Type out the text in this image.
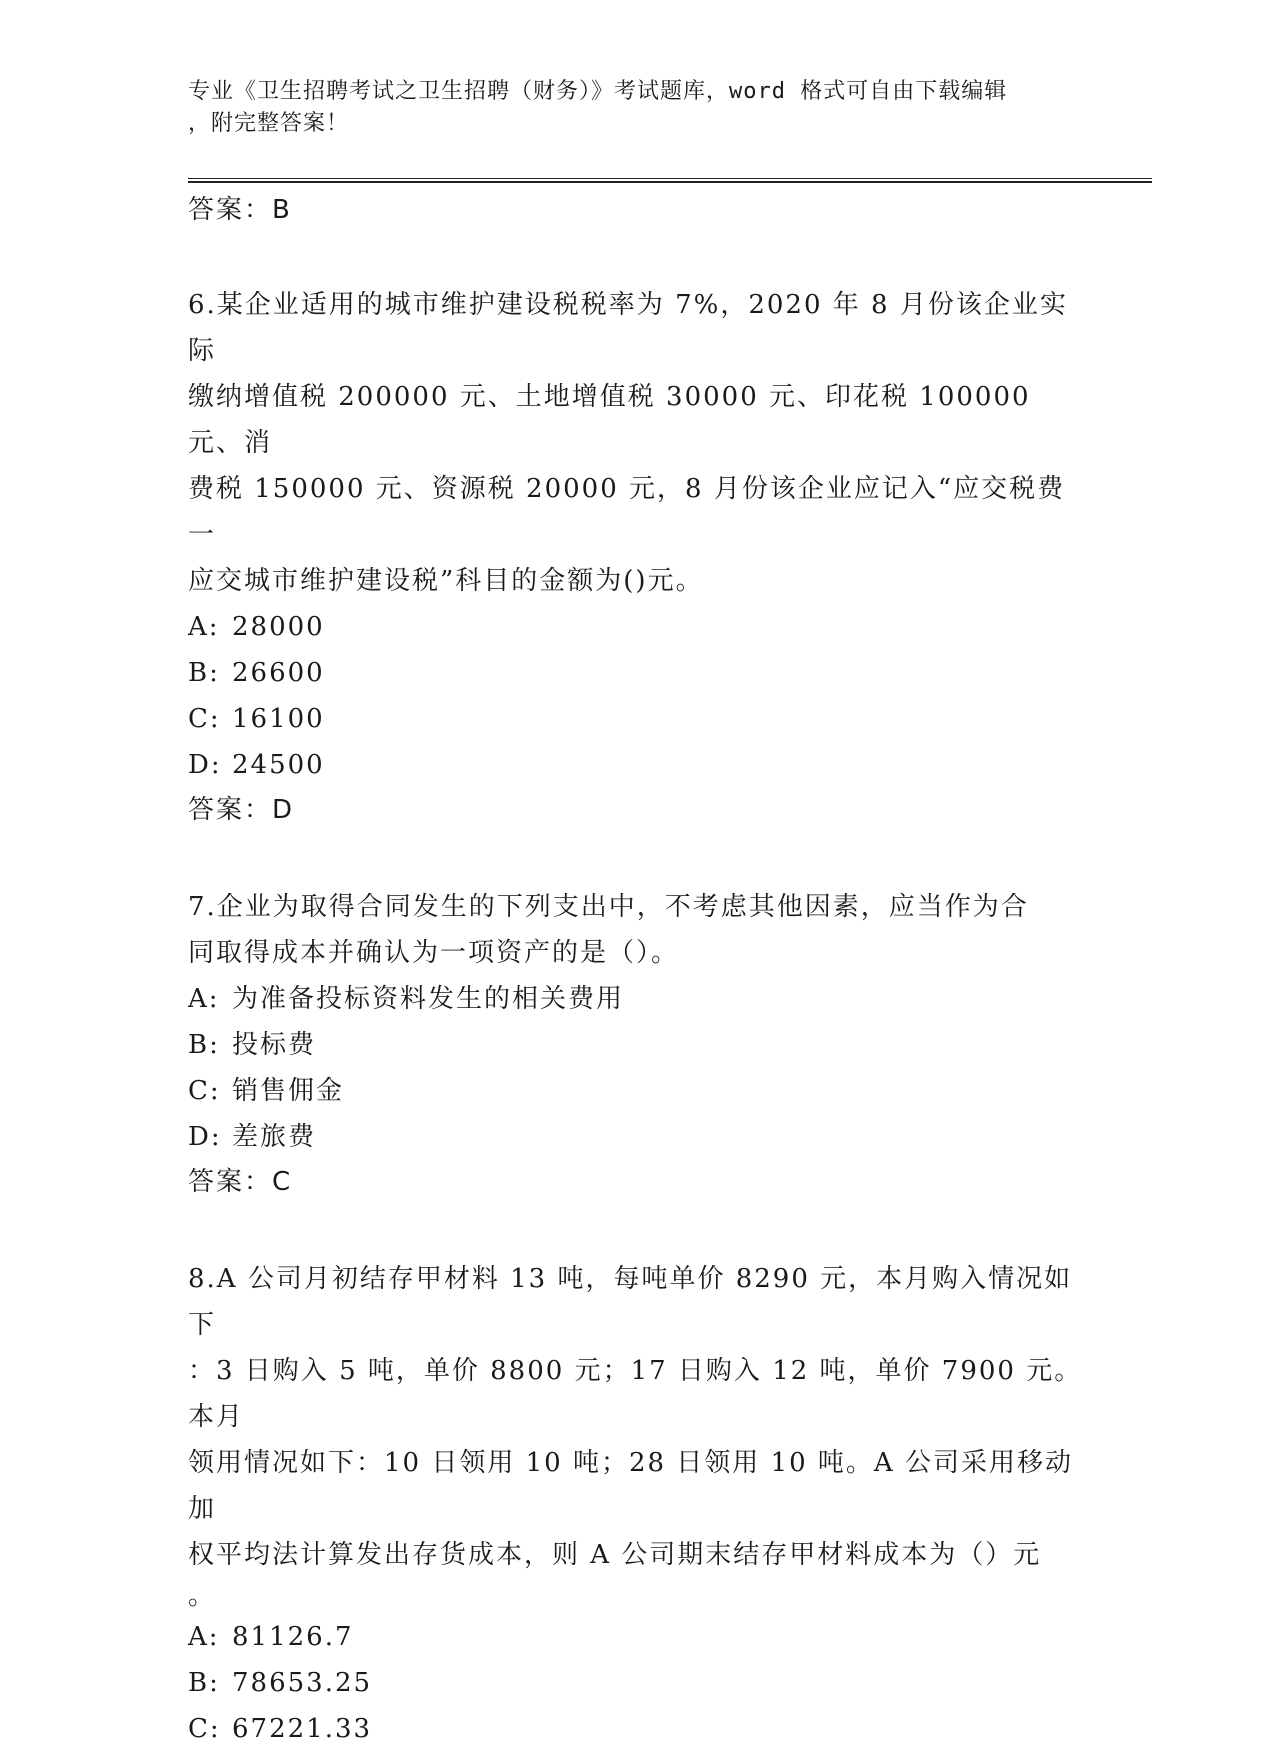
专业《卫生招聘考试之卫生招聘（财务）》考试题库，word 格式可自由下载编辑
，附完整答案！

答案：B

6.某企业适用的城市维护建设税税率为 7%，2020 年 8 月份该企业实际

缴纳增值税 200000 元、土地增值税 30000 元、印花税 100000 元、消

费税 150000 元、资源税 20000 元，8 月份该企业应记入“应交税费一

应交城市维护建设税”科目的金额为()元。

A: 28000

B: 26600

C: 16100

D: 24500

答案：D

7.企业为取得合同发生的下列支出中，不考虑其他因素，应当作为合

同取得成本并确认为一项资产的是（）。

A: 为准备投标资料发生的相关费用

B: 投标费

C: 销售佣金

D: 差旅费

答案：C

8.A 公司月初结存甲材料 13 吨，每吨单价 8290 元，本月购入情况如下

：3 日购入 5 吨，单价 8800 元；17 日购入 12 吨，单价 7900 元。本月

领用情况如下：10 日领用 10 吨；28 日领用 10 吨。A 公司采用移动加

权平均法计算发出存货成本，则 A 公司期末结存甲材料成本为（）元

。

A: 81126.7

B: 78653.25

C: 67221.33
